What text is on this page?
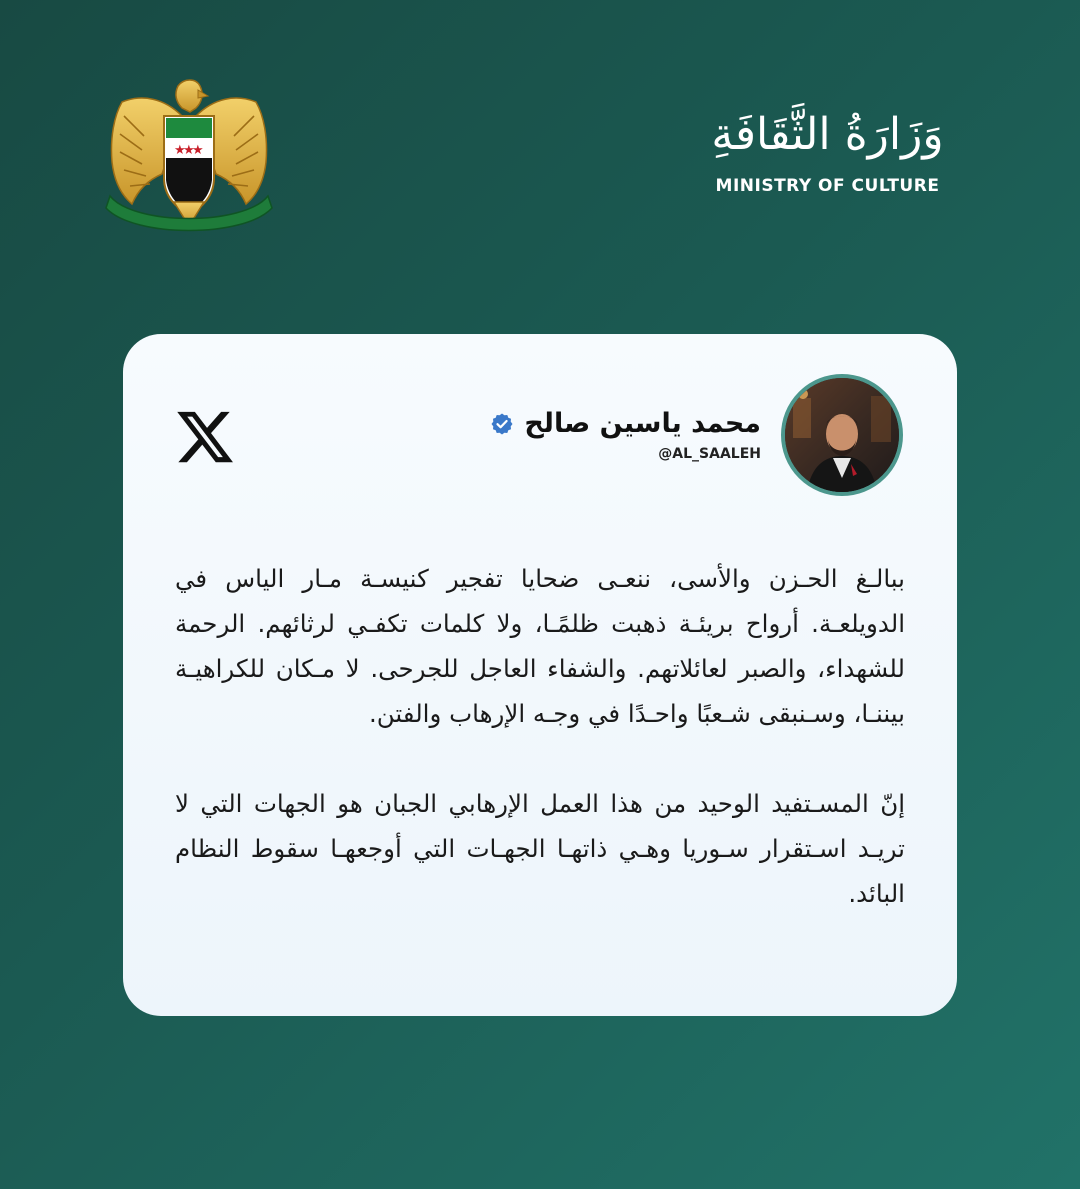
★
★
★	وَزَارَةُ الثَّقَافَةِ
MINISTRY OF CULTURE
محمد ياسين صالح
@AL_SAALEH

ببالـغ الحـزن والأسى، ننعـى ضحايا تفجير كنيسـة مـار الياس في الدويلعـة. أرواح بريئـة ذهبت ظلمًـا، ولا كلمات تكفـي لرثائهم. الرحمة للشهداء، والصبر لعائلاتهم. والشفاء العاجل للجرحى. لا مـكان للكراهيـة بيننـا، وسـنبقى شـعبًا واحـدًا في وجـه الإرهاب والفتن.

إنّ المسـتفيد الوحيد من هذا العمل الإرهابي الجبان هو الجهات التي لا تريـد اسـتقرار سـوريا وهـي ذاتهـا الجهـات التي أوجعهـا سقوط النظام البائد.
